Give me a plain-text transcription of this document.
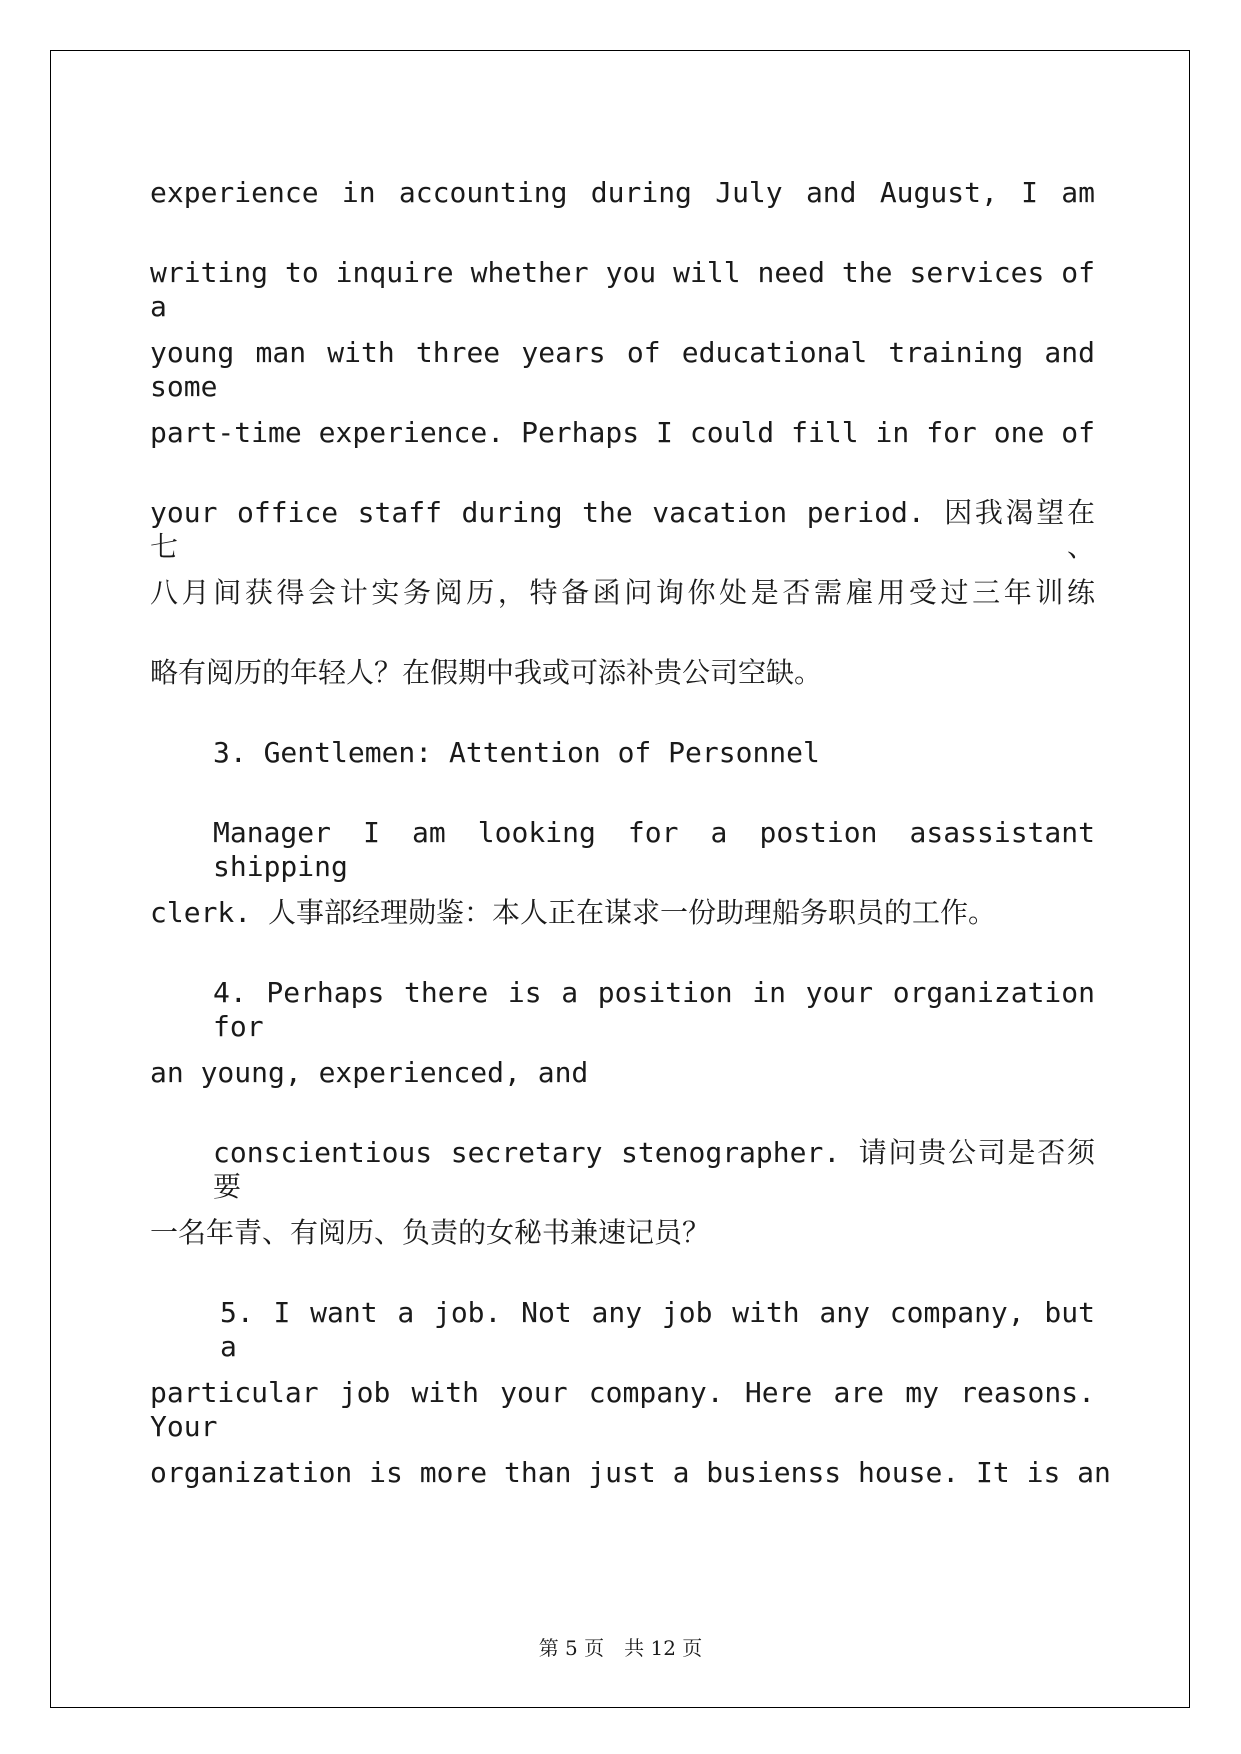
experience in accounting during July and August, I am
writing to inquire whether you will need the services of a
young man with three years of educational training and some
part-time experience. Perhaps I could fill in for one of
your office staff during the vacation period. 因我渴望在七、
八月间获得会计实务阅历，特备函问询你处是否需雇用受过三年训练
略有阅历的年轻人？在假期中我或可添补贵公司空缺。
3. Gentlemen: Attention of Personnel
Manager I am looking for a postion asassistant shipping
clerk. 人事部经理勋鉴：本人正在谋求一份助理船务职员的工作。
4. Perhaps there is a position in your organization for
an young, experienced, and
conscientious secretary stenographer. 请问贵公司是否须要
一名年青、有阅历、负责的女秘书兼速记员？
5. I want a job. Not any job with any company, but a
particular job with your company. Here are my reasons. Your
organization is more than just a busienss house. It is an
第 5 页　共 12 页
